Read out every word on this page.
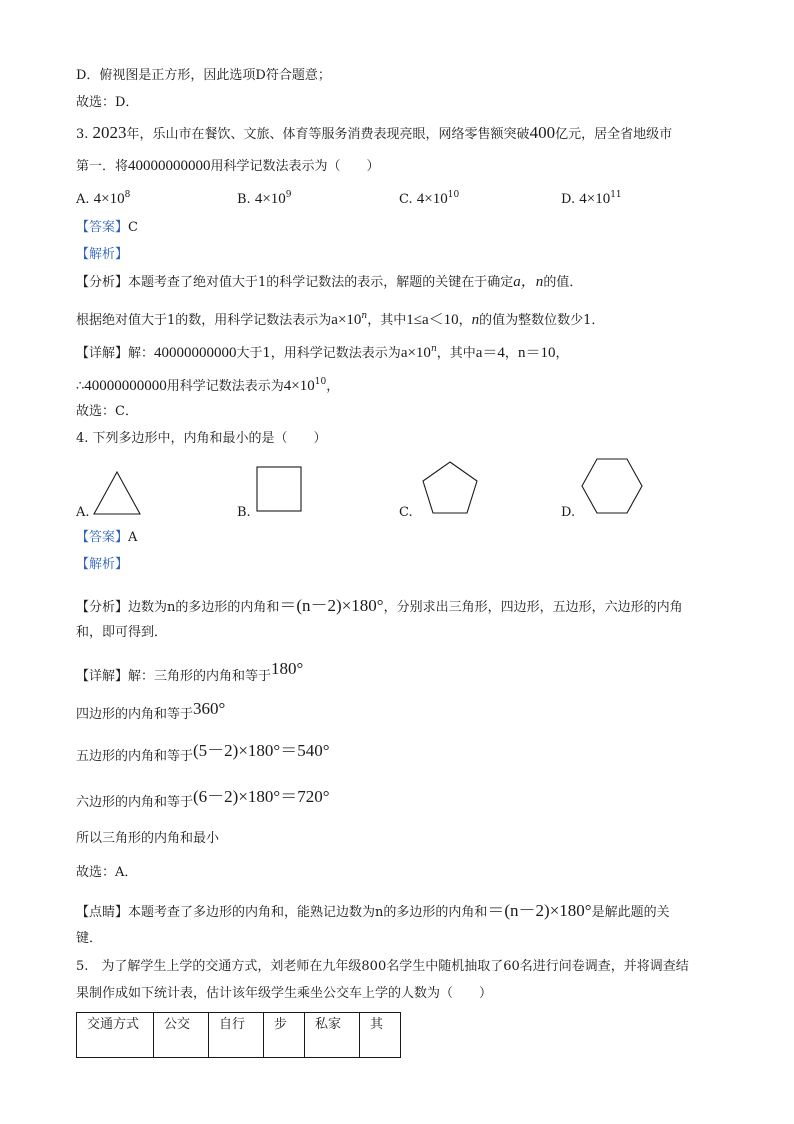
D．俯视图是正方形，因此选项D符合题意；
故选：D．
3. 2023年，乐山市在餐饮、文旅、体育等服务消费表现亮眼，网络零售额突破400亿元，居全省地级市
第一．将40000000000用科学记数法表示为（　　）
A. $4\times 10^8$	B. $4\times 10^9$	C. $4\times 10^{10}$	D. $4\times 10^{11}$
【答案】C
【解析】
【分析】本题考查了绝对值大于1的科学记数法的表示，解题的关键在于确定a，n的值．
根据绝对值大于1的数，用科学记数法表示为$a\times 10^n$，其中1≤a＜10，n的值为整数位数少1．
【详解】解：40000000000大于1，用科学记数法表示为$a\times 10^n$，其中a＝4，n＝10，
∴40000000000用科学记数法表示为$4\times 10^{10}$，
故选：C．
4. 下列多边形中，内角和最小的是（　　）
A.	B.	C.	D.
【答案】A
【解析】
【分析】边数为n的多边形的内角和＝(n－2)×180°，分别求出三角形，四边形，五边形，六边形的内角
和，即可得到．
【详解】解：三角形的内角和等于180°
四边形的内角和等于360°
五边形的内角和等于(5－2)×180°＝540°
六边形的内角和等于(6－2)×180°＝720°
所以三角形的内角和最小
故选：A．
【点睛】本题考查了多边形的内角和，能熟记边数为n的多边形的内角和＝(n－2)×180°是解此题的关
键．
5.　为了解学生上学的交通方式，刘老师在九年级800名学生中随机抽取了60名进行问卷调查，并将调查结
果制作成如下统计表，估计该年级学生乘坐公交车上学的人数为（　　）
交通方式	公交	自行	步	私家	其
